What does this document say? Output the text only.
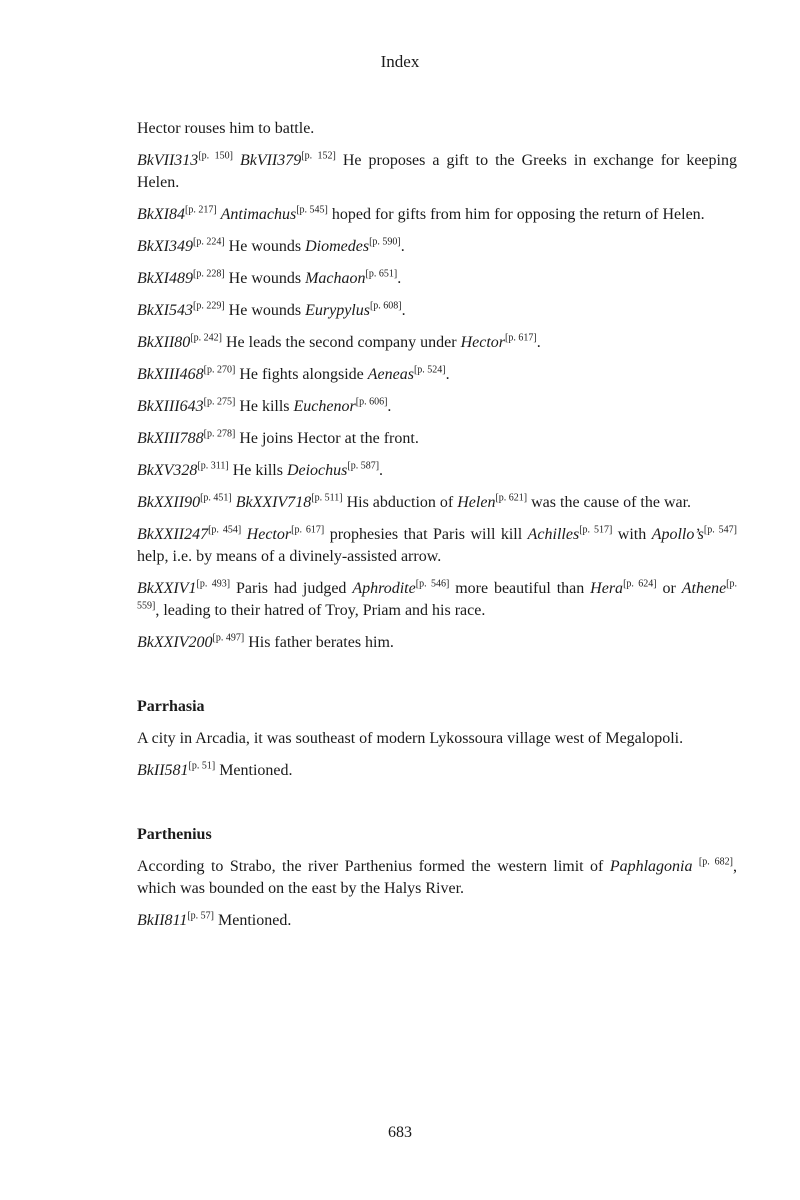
Index

Hector rouses him to battle.

BkVII313[p. 150] BkVII379[p. 152] He proposes a gift to the Greeks in exchange for keeping Helen.

BkXI84[p. 217] Antimachus[p. 545] hoped for gifts from him for opposing the return of Helen.

BkXI349[p. 224] He wounds Diomedes[p. 590].

BkXI489[p. 228] He wounds Machaon[p. 651].

BkXI543[p. 229] He wounds Eurypylus[p. 608].

BkXII80[p. 242] He leads the second company under Hector[p. 617].

BkXIII468[p. 270] He fights alongside Aeneas[p. 524].

BkXIII643[p. 275] He kills Euchenor[p. 606].

BkXIII788[p. 278] He joins Hector at the front.

BkXV328[p. 311] He kills Deiochus[p. 587].

BkXXII90[p. 451] BkXXIV718[p. 511] His abduction of Helen[p. 621] was the cause of the war.

BkXXII247[p. 454] Hector[p. 617] prophesies that Paris will kill Achilles[p. 517] with Apollo’s[p. 547] help, i.e. by means of a divinely-assisted arrow.

BkXXIV1[p. 493] Paris had judged Aphrodite[p. 546] more beautiful than Hera[p. 624] or Athene[p. 559], leading to their hatred of Troy, Priam and his race.

BkXXIV200[p. 497] His father berates him.

Parrhasia

A city in Arcadia, it was southeast of modern Lykossoura village west of Megalopoli.

BkII581[p. 51] Mentioned.

Parthenius

According to Strabo, the river Parthenius formed the western limit of Paphlagonia [p. 682], which was bounded on the east by the Halys River.

BkII811[p. 57] Mentioned.

683
